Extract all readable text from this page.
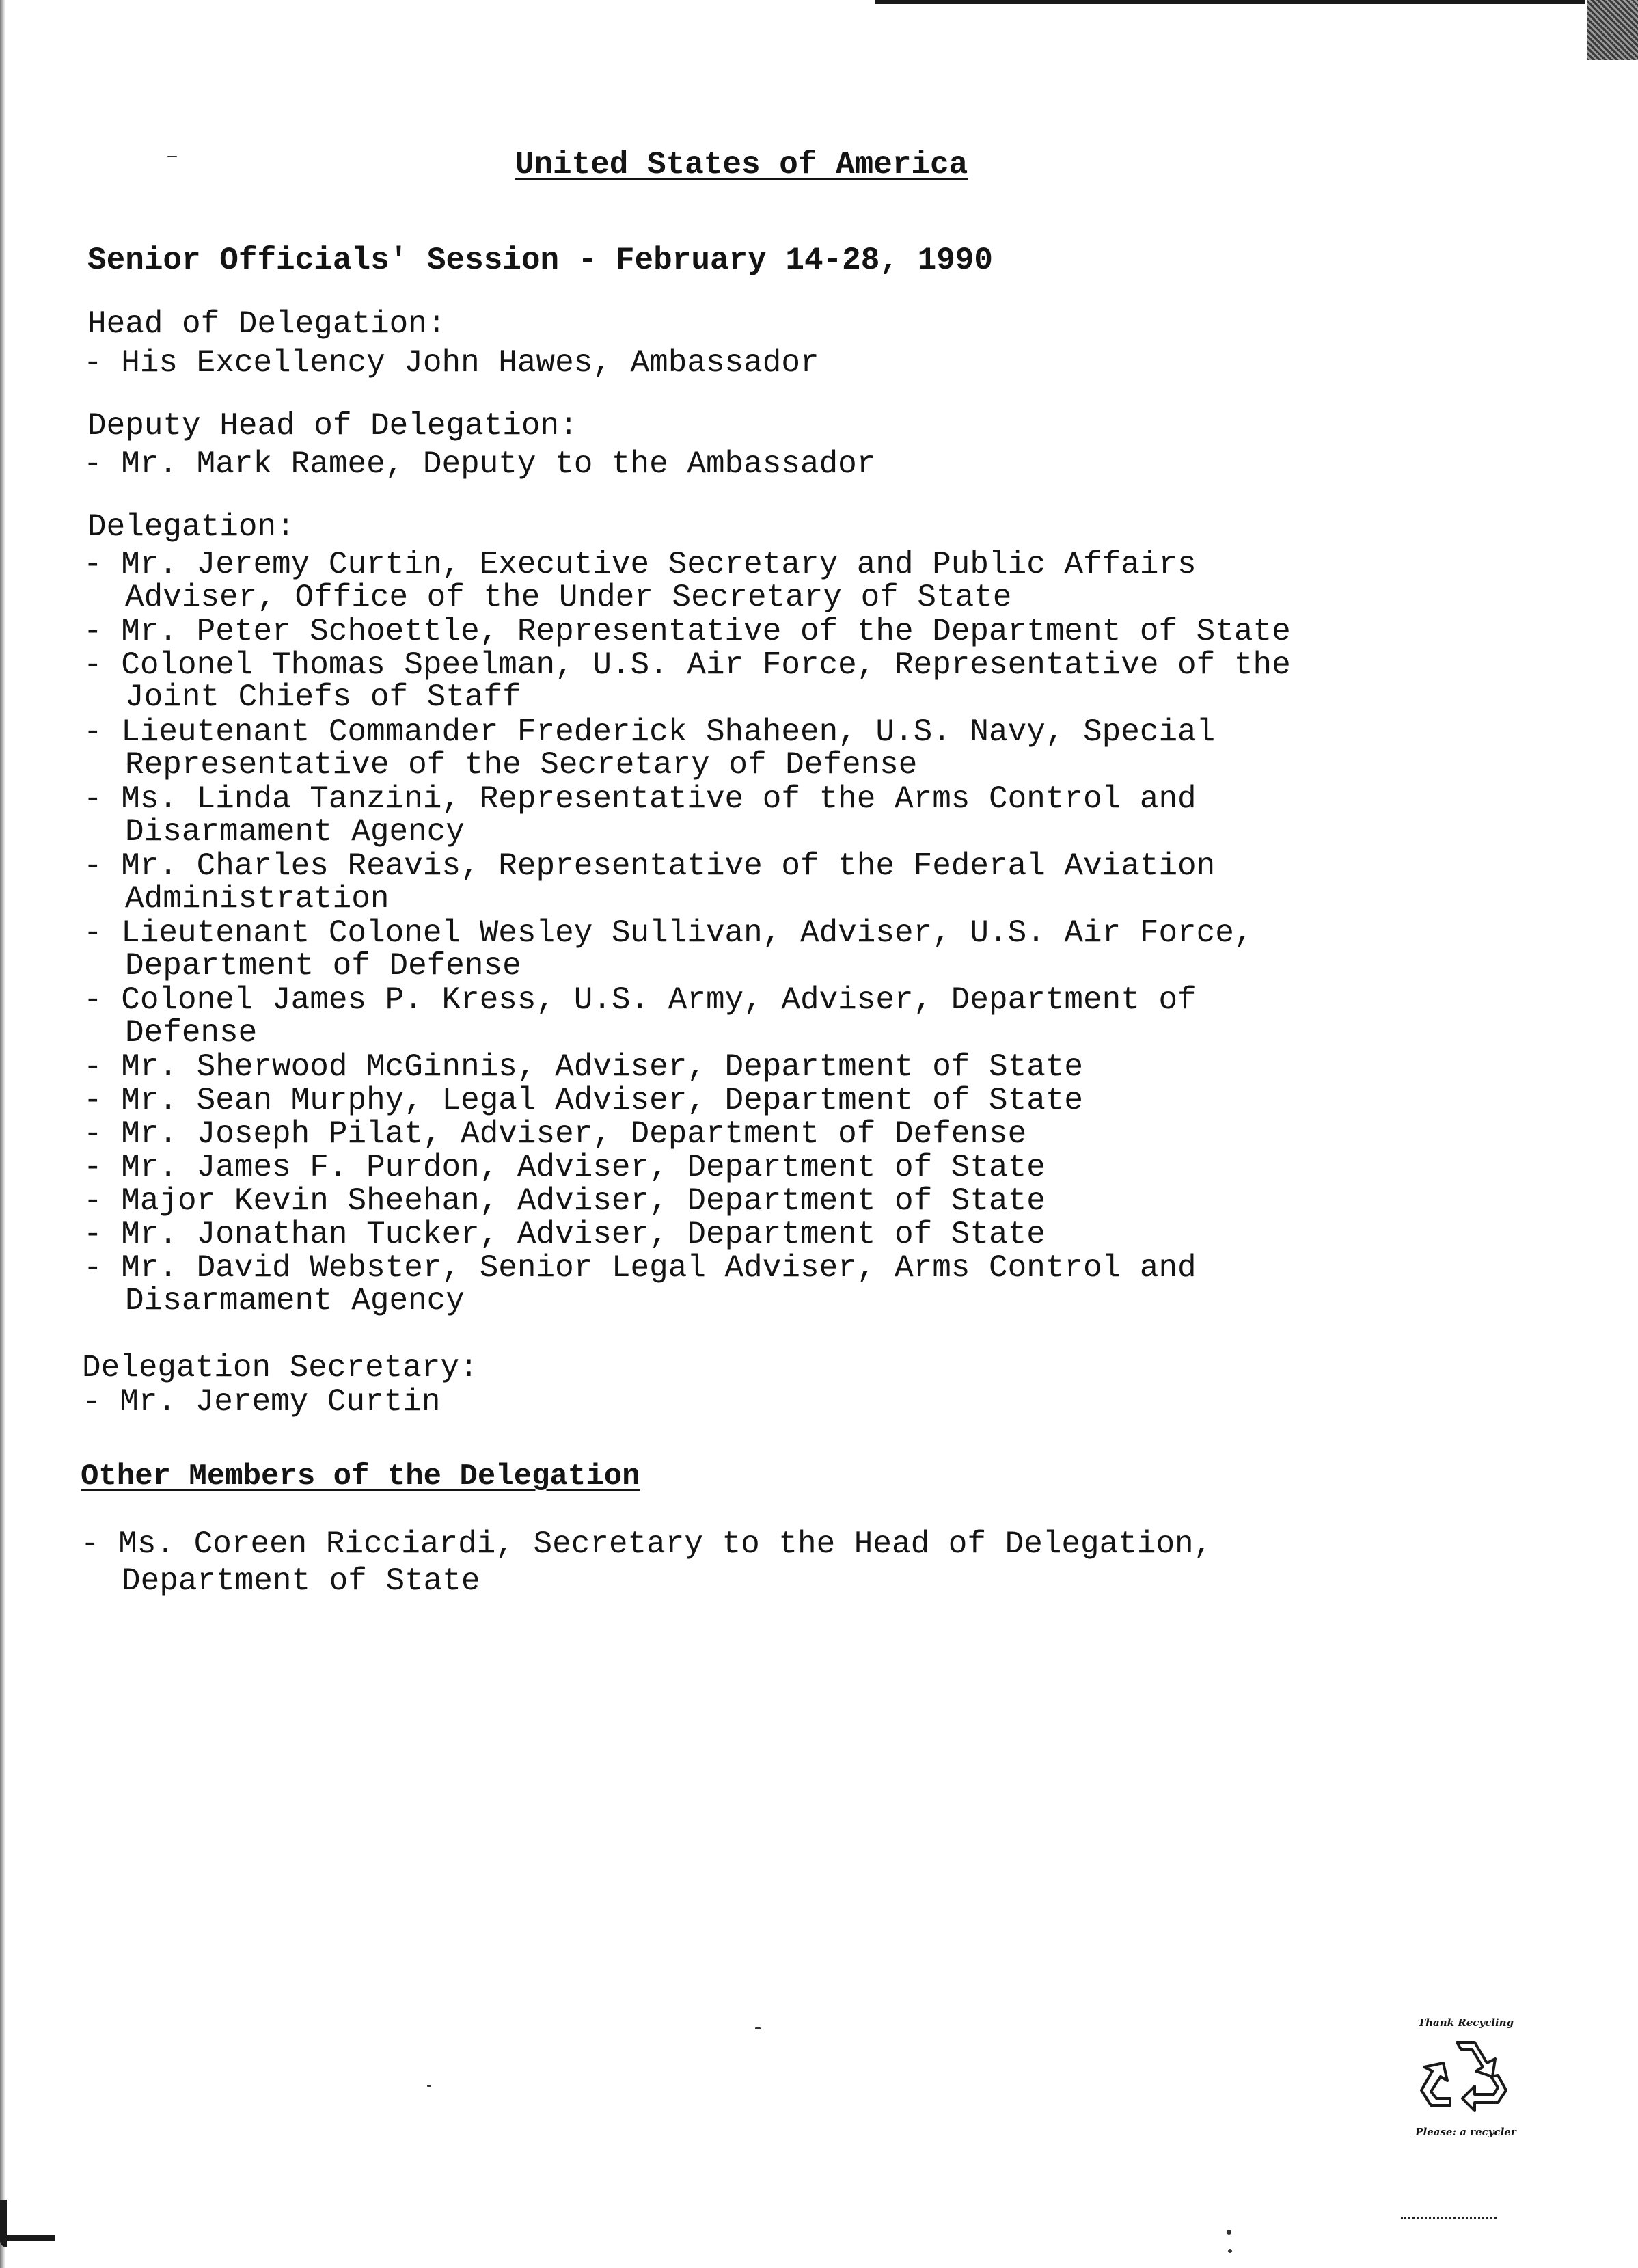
United States of America
Senior Officials' Session - February 14-28, 1990
Head of Delegation:
- His Excellency John Hawes, Ambassador
Deputy Head of Delegation:
- Mr. Mark Ramee, Deputy to the Ambassador
Delegation:
- Mr. Jeremy Curtin, Executive Secretary and Public Affairs
Adviser, Office of the Under Secretary of State
- Mr. Peter Schoettle, Representative of the Department of State
- Colonel Thomas Speelman, U.S. Air Force, Representative of the
Joint Chiefs of Staff
- Lieutenant Commander Frederick Shaheen, U.S. Navy, Special
Representative of the Secretary of Defense
- Ms. Linda Tanzini, Representative of the Arms Control and
Disarmament Agency
- Mr. Charles Reavis, Representative of the Federal Aviation
Administration
- Lieutenant Colonel Wesley Sullivan, Adviser, U.S. Air Force,
Department of Defense
- Colonel James P. Kress, U.S. Army, Adviser, Department of
Defense
- Mr. Sherwood McGinnis, Adviser, Department of State
- Mr. Sean Murphy, Legal Adviser, Department of State
- Mr. Joseph Pilat, Adviser, Department of Defense
- Mr. James F. Purdon, Adviser, Department of State
- Major Kevin Sheehan, Adviser, Department of State
- Mr. Jonathan Tucker, Adviser, Department of State
- Mr. David Webster, Senior Legal Adviser, Arms Control and
Disarmament Agency
Delegation Secretary:
- Mr. Jeremy Curtin
Other Members of the Delegation
- Ms. Coreen Ricciardi, Secretary to the Head of Delegation,
Department of State
Thank Recycling
Please: a recycler
